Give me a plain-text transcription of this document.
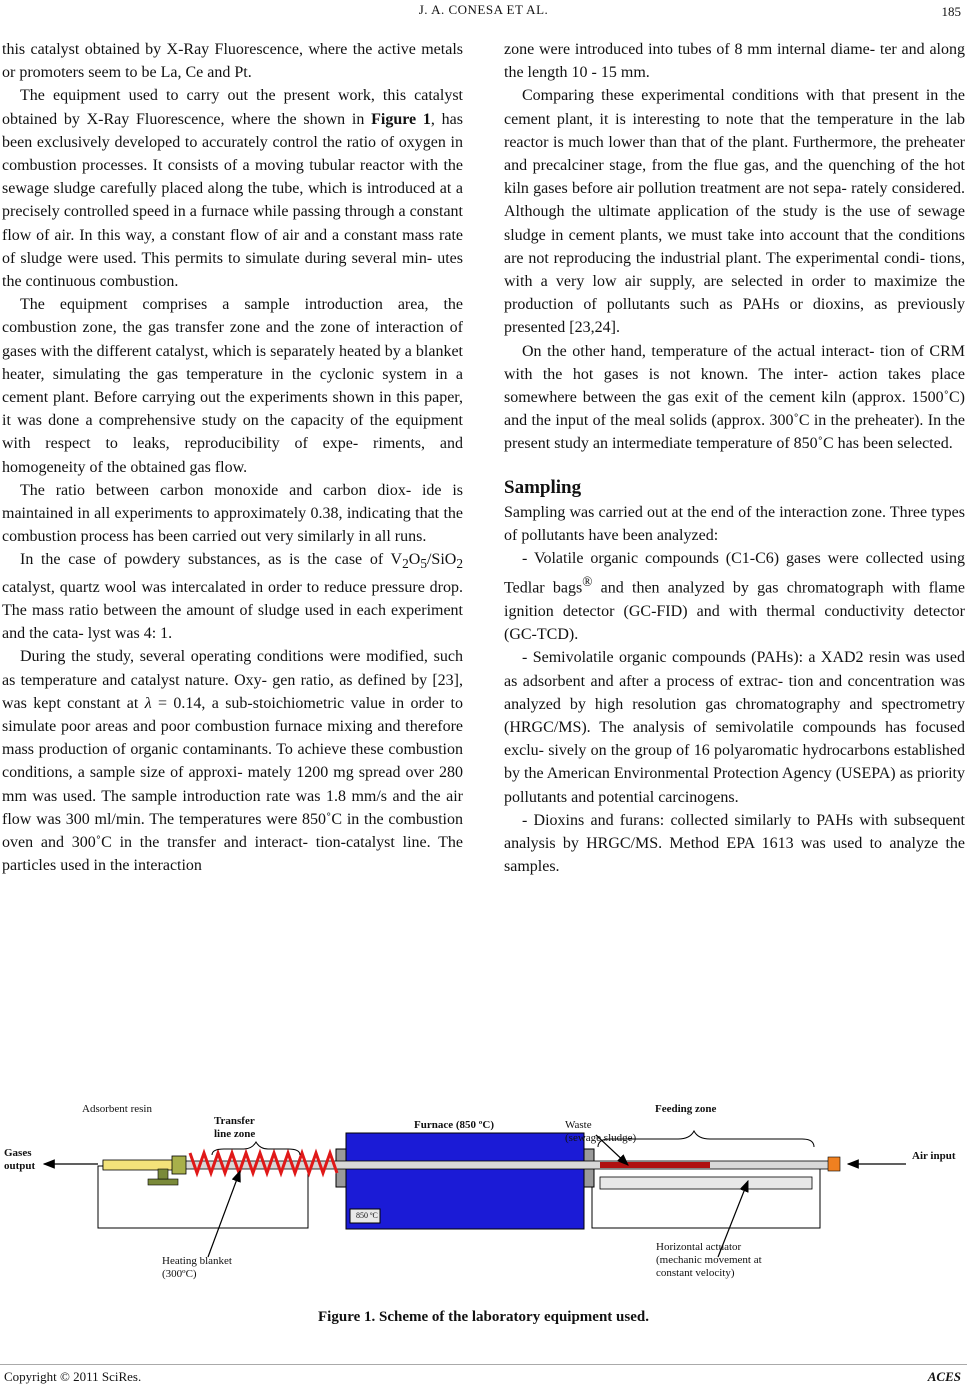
J. A. CONESA ET AL.	185

this catalyst obtained by X-Ray Fluorescence, where the active metals or promoters seem to be La, Ce and Pt.

The equipment used to carry out the present work, this catalyst obtained by X-Ray Fluorescence, where the shown in Figure 1, has been exclusively developed to accurately control the ratio of oxygen in combustion processes. It consists of a moving tubular reactor with the sewage sludge carefully placed along the tube, which is introduced at a precisely controlled speed in a furnace while passing through a constant flow of air. In this way, a constant flow of air and a constant mass rate of sludge were used. This permits to simulate during several min- utes the continuous combustion.

The equipment comprises a sample introduction area, the combustion zone, the gas transfer zone and the zone of interaction of gases with the different catalyst, which is separately heated by a blanket heater, simulating the gas temperature in the cyclonic system in a cement plant. Before carrying out the experiments shown in this paper, it was done a comprehensive study on the capacity of the equipment with respect to leaks, reproducibility of expe- riments, and homogeneity of the obtained gas flow.

The ratio between carbon monoxide and carbon diox- ide is maintained in all experiments to approximately 0.38, indicating that the combustion process has been carried out very similarly in all runs.

In the case of powdery substances, as is the case of $V_2O_5/SiO_2$ catalyst, quartz wool was intercalated in order to reduce pressure drop. The mass ratio between the amount of sludge used in each experiment and the cata- lyst was 4: 1.

During the study, several operating conditions were modified, such as temperature and catalyst nature. Oxy- gen ratio, as defined by [23], was kept constant at λ = 0.14, a sub-stoichiometric value in order to simulate poor areas and poor combustion furnace mixing and therefore mass production of organic contaminants. To achieve these combustion conditions, a sample size of approxi- mately 1200 mg spread over 280 mm was used. The sample introduction rate was 1.8 mm/s and the air flow was 300 ml/min. The temperatures were 850˚C in the combustion oven and 300˚C in the transfer and interact- tion-catalyst line. The particles used in the interaction

zone were introduced into tubes of 8 mm internal diame- ter and along the length 10 - 15 mm.

Comparing these experimental conditions with that present in the cement plant, it is interesting to note that the temperature in the lab reactor is much lower than that of the plant. Furthermore, the preheater and precalciner stage, from the flue gas, and the quenching of the hot kiln gases before air pollution treatment are not sepa- rately considered. Although the ultimate application of the study is the use of sewage sludge in cement plants, we must take into account that the conditions are not reproducing the industrial plant. The experimental condi- tions, with a very low air supply, are selected in order to maximize the production of pollutants such as PAHs or dioxins, as previously presented [23,24].

On the other hand, temperature of the actual interact- tion of CRM with the hot gases is not known. The inter- action takes place somewhere between the gas exit of the cement kiln (approx. 1500˚C) and the input of the meal solids (approx. 300˚C in the preheater). In the present study an intermediate temperature of 850˚C has been selected.

Sampling

Sampling was carried out at the end of the interaction zone. Three types of pollutants have been analyzed:

- Volatile organic compounds (C1-C6) gases were collected using Tedlar bags® and then analyzed by gas chromatograph with flame ignition detector (GC-FID) and with thermal conductivity detector (GC-TCD).

- Semivolatile organic compounds (PAHs): a XAD2 resin was used as adsorbent and after a process of extrac- tion and concentration was analyzed by high resolution gas chromatography and spectrometry (HRGC/MS). The analysis of semivolatile compounds has focused exclu- sively on the group of 16 polyaromatic hydrocarbons established by the American Environmental Protection Agency (USEPA) as priority pollutants and potential carcinogens.

- Dioxins and furans: collected similarly to PAHs with subsequent analysis by HRGC/MS. Method EPA 1613 was used to analyze the samples.

Adsorbent resin
Transfer
line zone
Furnace (850 ºC)	Waste
(sewage sludge)
Feeding zone
Gases
output
Air input
850 ºC
Heating blanket
(300ºC)
Horizontal actuator
(mechanic movement at
constant velocity)
Figure 1. Scheme of the laboratory equipment used.
Copyright © 2011 SciRes.	ACES
